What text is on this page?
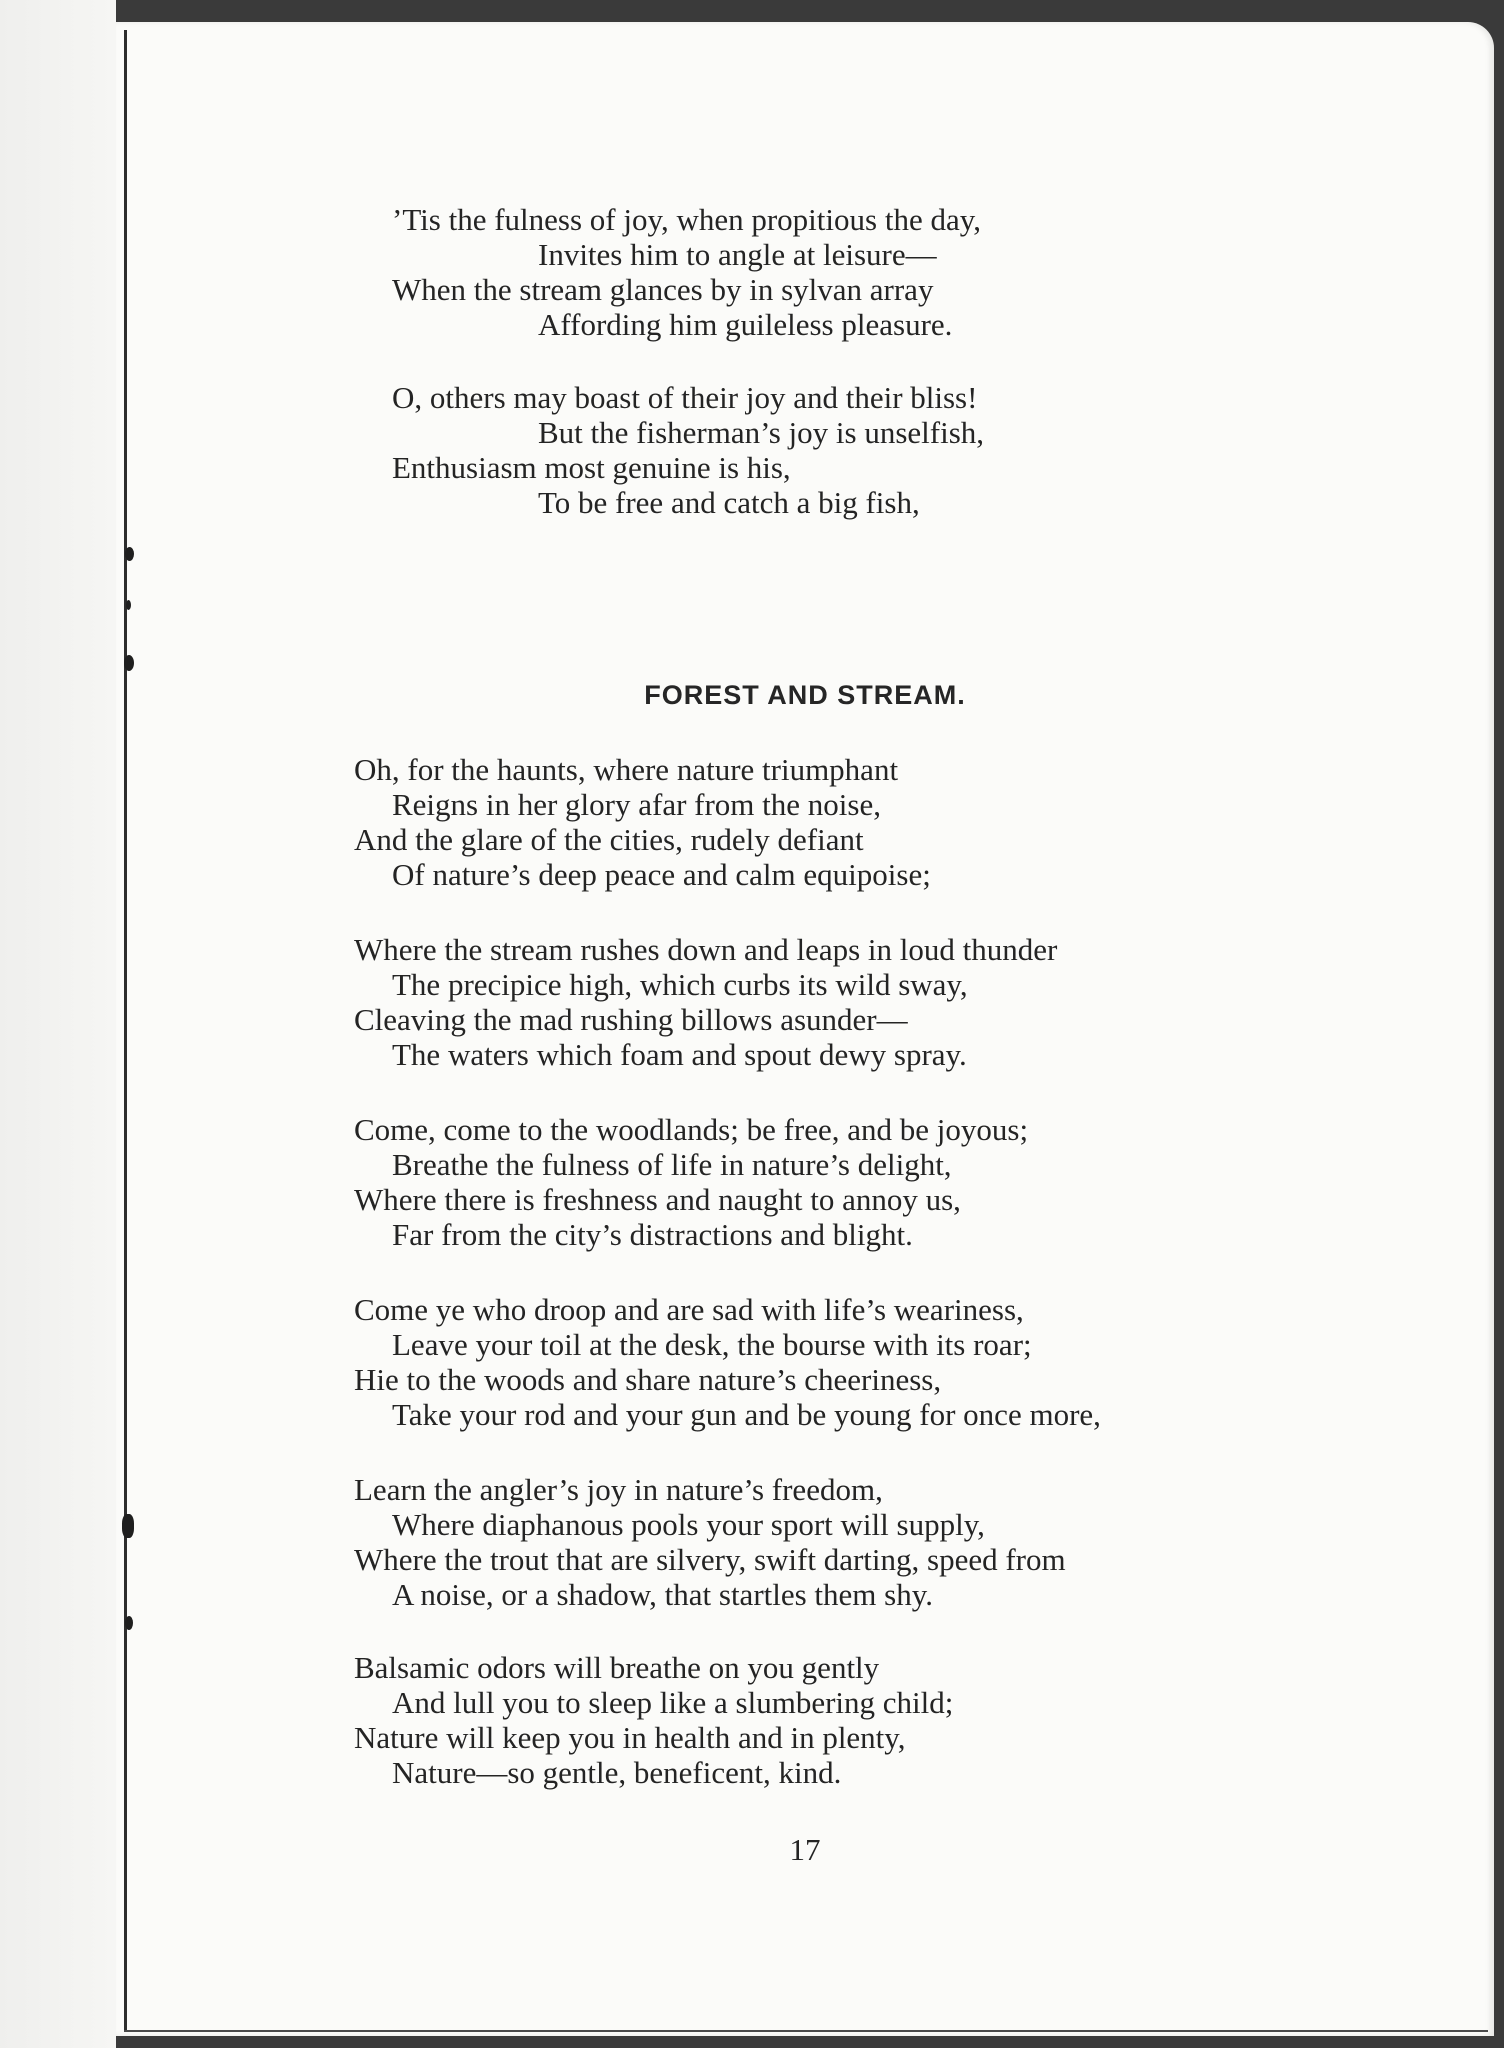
’Tis the fulness of joy, when propitious the day,
Invites him to angle at leisure—
When the stream glances by in sylvan array
Affording him guileless pleasure.
O, others may boast of their joy and their bliss!
But the fisherman’s joy is unselfish,
Enthusiasm most genuine is his,
To be free and catch a big fish,
FOREST AND STREAM.
Oh, for the haunts, where nature triumphant
Reigns in her glory afar from the noise,
And the glare of the cities, rudely defiant
Of nature’s deep peace and calm equipoise;
Where the stream rushes down and leaps in loud thunder
The precipice high, which curbs its wild sway,
Cleaving the mad rushing billows asunder—
The waters which foam and spout dewy spray.
Come, come to the woodlands; be free, and be joyous;
Breathe the fulness of life in nature’s delight,
Where there is freshness and naught to annoy us,
Far from the city’s distractions and blight.
Come ye who droop and are sad with life’s weariness,
Leave your toil at the desk, the bourse with its roar;
Hie to the woods and share nature’s cheeriness,
Take your rod and your gun and be young for once more,
Learn the angler’s joy in nature’s freedom,
Where diaphanous pools your sport will supply,
Where the trout that are silvery, swift darting, speed from
A noise, or a shadow, that startles them shy.
Balsamic odors will breathe on you gently
And lull you to sleep like a slumbering child;
Nature will keep you in health and in plenty,
Nature—so gentle, beneficent, kind.
17
